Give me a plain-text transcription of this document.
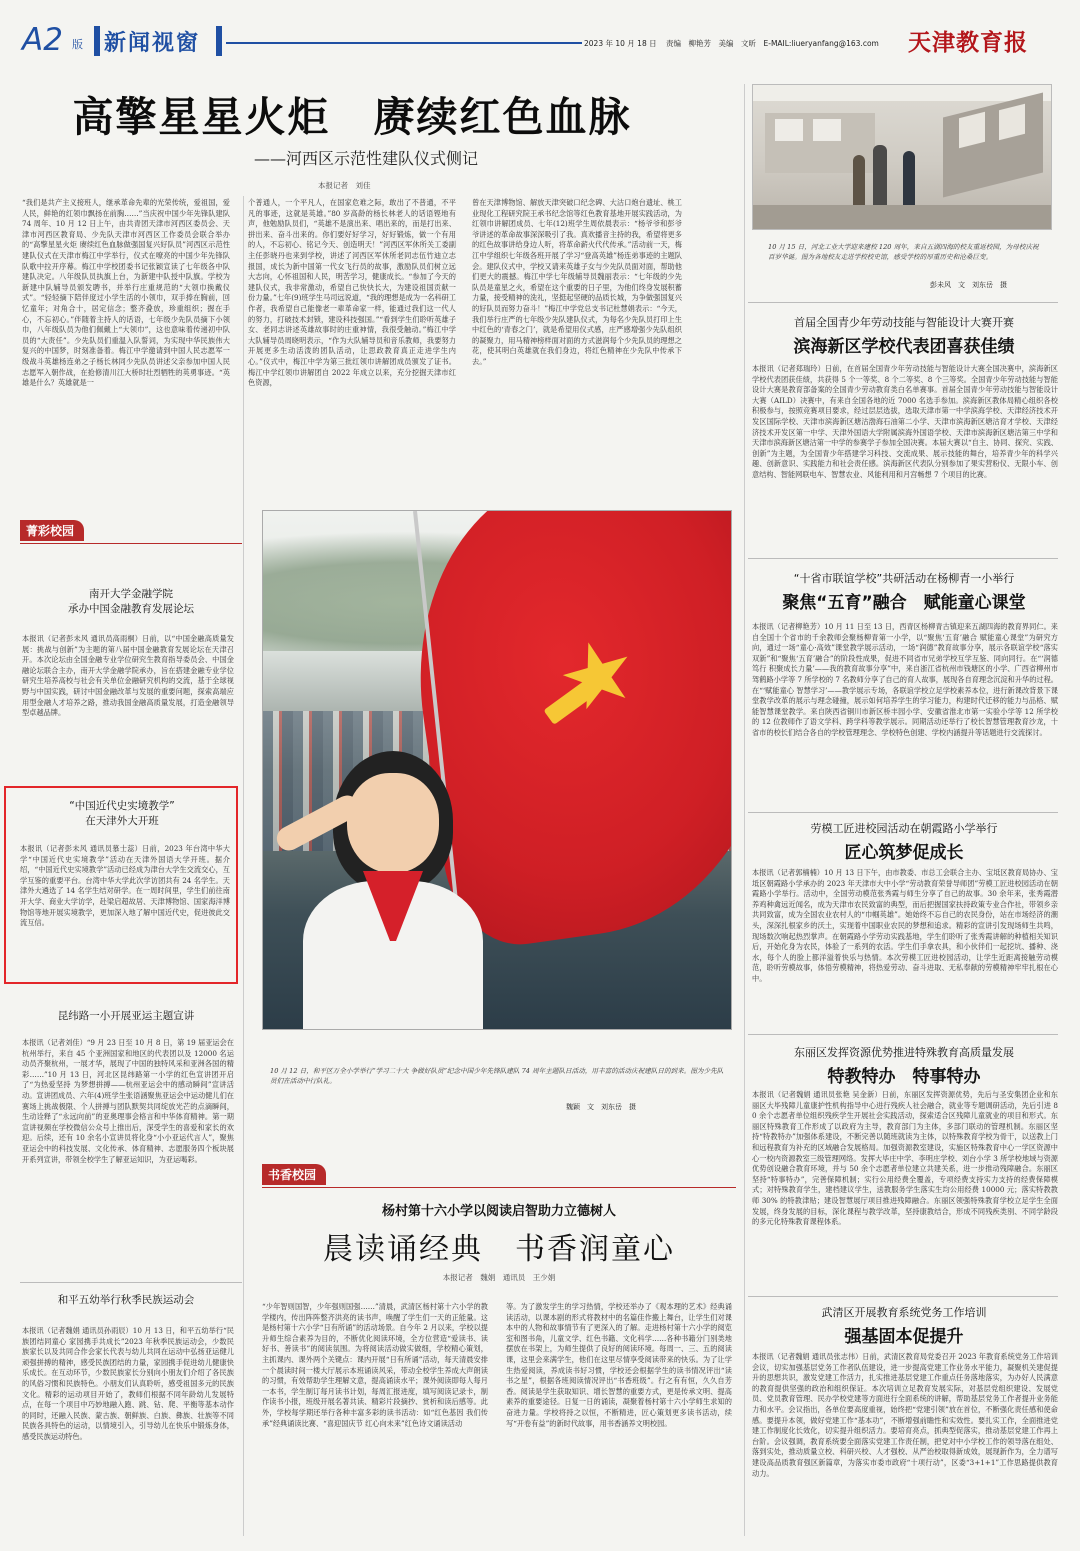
A2 版 新闻视窗	2023 年 10 月 18 日 责编　柳艳芳　美编　文昕　E-MAIL:liueryanfang@163.com 天津教育报
高擎星星火炬　赓续红色血脉
——河西区示范性建队仪式侧记
本报记者　刘佳
“我们是共产主义接班人，继承革命先辈的光荣传统，爱祖国，爱人民，鲜艳的红领巾飘扬在前胸……”当庆祝中国少年先锋队建队 74 周年、10 月 12 日上午，由共青团天津市河西区委员会、天津市河西区教育局、少先队天津市河西区工作委员会联合举办的“高擎星星火炬 赓续红色血脉做强国复兴好队员”河西区示范性建队仪式在天津市梅江中学举行，仪式在嘹亮的中国少年先锋队队歌中拉开序幕。梅江中学校团委书记张颖宣读了七年级各中队建队决定。八年级队员执旗上台，为新建中队授中队旗。学校为新建中队辅导员颁发聘书，并举行庄重规范的“大领巾换戴仪式”。“轻轻摘下陪伴度过小学生活的小领巾，双手捧在胸前，回忆童年；对角合十，居定信念；整齐叠放，珍重组织；握在手心，不忘初心。”伴随着主持人的话语，七年级少先队员摘下小领巾，八年级队员为他们佩戴上“大领巾”，这也意味着传递初中队员的“大责任”。少先队员们重温入队誓词，为实现中华民族伟大复兴的中国梦，时刻准备着。梅江中学邀请到中国人民志愿军一级战斗英雄杨连弟之子杨长林同少先队员讲述父亲参加中国人民志愿军入朝作战，在抢修清川江大桥时壮烈牺牲的英勇事迹。“英雄是什么？英雄就是一
个普通人，一个平凡人，在国家危难之际，敢出了不普通，不平凡的事迹，这就是英雄。”80 岁高龄的杨长林老人的话语铿地有声，他勉励队员们，“英雄不是演出来、唱出来的，而是打出来、拼出来、奋斗出来的。你们要好好学习，好好锻炼，做一个有用的人，不忘初心、铭记今天、创造明天！”河西区军休所关工委副主任彭晓丹也来到学校，讲述了河西区军休所老同志伍竹迪立志报国，成长为新中国第一代女飞行员的故事，激励队员们树立远大志向，心怀祖国和人民，明苦学习，健康成长。“参加了今天的建队仪式，我非常激动，希望自己快快长大，为建设祖国贡献一份力量。”七年(9)班学生马司远说道，“我的理想是成为一名科研工作者，我希望自己能像老一辈革命家一样，能通过我们这一代人的努力，打破技术封锁，建设科技强国。”“看到学生们聆听英雄子女、老同志讲述英雄故事时的庄重神情，我很受触动。”梅江中学大队辅导员周晓明表示，“作为大队辅导员和音乐教师，我要努力开展更多生动活泼的团队活动，让思政教育真正走进学生内心。”仪式中，梅江中学为第三批红领巾讲解团成员颁发了证书。梅江中学红领巾讲解团自 2022 年成立以来，充分挖掘天津市红色资源，
曾在天津博物馆、解放天津突破口纪念碑、大沽口炮台遗址、桃工业现化工程研究院王承书纪念馆等红色教育基地开展实践活动，为红领巾讲解团成员、七年(12)班学生周依晨表示：“杨爷爷和彭爷爷讲述的革命故事深深吸引了我。真欢播音主持的我，希望将更多的红色故事讲给身边人听，将革命薪火代代传承。”活动前一天，梅江中学组织七年级各班开展了学习“登高英雄”杨连弟事迹的主题队会。建队仪式中，学校又请来英雄子女与少先队员面对面，帮助他们更大的震撼。梅江中学七年级辅导员魏丽表示：“七年级的少先队员是童星之火，希望在这个重要的日子里，为他们终身发展积蓄力量，接受精神的洗礼，坚挺起坚硬的品质长城，为争做强国复兴的好队员而努力奋斗！”梅江中学党总支书记杜慧娟表示：“今天，我们举行庄严的七年级少先队建队仪式，为每名少先队员打印上生中红色的‘青春之门’，就是希望用仪式感，庄严感增强少先队组织的凝聚力，用马精神榜样面对面的方式滋润每个少先队员的理想之花，使其明白英雄就在我们身边，将红色精神在少先队中传承下去。”
10 月 15 日，河北工业大学迎来建校 120 周年，来自五湖四海的校友重返校园，为母校庆祝百岁华诞。图为各地校友走进学校校史馆，感受学校的厚重历史和沧桑巨变。
彭未风　文　刘东岳　摄
首届全国青少年劳动技能与智能设计大赛开赛
滨海新区学校代表团喜获佳绩
本报讯（记者郑瑞玲）日前，在首届全国青少年劳动技能与智能设计大赛全国决赛中，滨海新区学校代表团获佳绩，共获得 5 个一等奖、8 个二等奖、8 个三等奖。全国青少年劳动技能与智能设计大赛是教育部备案的全国青少劳动教育类白名单赛事。首届全国青少年劳动技能与智能设计大赛（AILD）决赛中，有来自全国各地的近 7000 名选手参加。滨海新区教体局精心组织各校积极参与，按照竞赛项目要求，经过层层选拔，选取天津市第一中学滨海学校、天津经济技术开发区国际学校、天津市滨海新区塘沽渤海石油第二小学、天津市滨海新区塘沽育才学校、天津经济技术开发区第一中学、天津外国语大学附属滨海外国语学校、天津市滨海新区塘沽第三中学和天津市滨海新区塘沽第一中学的参赛学子参加全国决赛。本届大赛以“自主、协同、探究、实践、创新”为主题，为全国青少年搭建学习科技、交流成果、展示技能的舞台，培养青少年的科学兴趣、创新意识、实践能力和社会责任感。滨海新区代表队分别参加了果实营粉仪、无限小车、创意结构、智能网联电车、智慧农业、风能利用和月宫畅想 7 个项目的比赛。
“十省市联谊学校”共研活动在杨柳青一小举行
聚焦“五育”融合　赋能童心课堂
本报讯（记者柳艳芳）10 月 11 日至 13 日，西青区杨柳青古镇迎来五湖四海的教育界同仁。来自全国十个省市的千余教师会聚杨柳青第一小学，以“聚焦‘五育’融合 赋能童心课堂”为研究方向，通过一场“童心·高效”课堂教学展示活动，一场“润德”教育故事分享，展示各联谊学校“落实双新”和“聚焦‘五育’融合”的阶段性成果，促进不同省市兄弟学校互学互鉴、同向同行。在“‘润德笃行 积聚成长力量’——我的教育故事分享”中，来自浙江省杭州市钱塘区的小学、广西省柳州市驾鹤路小学等 7 所学校的 7 名教师分享了自己的育人故事，展现各自育理念沉淀和升华的过程。在“‘赋能童心 智慧学习’——教学展示专场，各联谊学校立足学校素养本位，进行新课改背景下课堂教学改革的展示与理念碰撞，展示如何培养学生的学习能力，构建时代迁移的能力与品格、赋能智慧课堂教学。来自陕西省铜川市新区桥丰园小学、安徽省淮北市第一实验小学等 12 所学校的 12 位教师作了语文学科、跨学科等教学展示。同期活动还举行了校长智慧管理教育沙龙，十省市的校长们结合各自的学校管理理念、学校特色创建、学校内涵提升等话题进行交流探讨。
劳模工匠进校园活动在朝霞路小学举行
匠心筑梦促成长
本报讯（记者郭楠楠）10 月 13 日下午，由市教委、市总工会联合主办、宝坻区教育局协办、宝坻区朝霞路小学承办的 2023 年天津市大中小学“劳动教育荣誉导师团”劳模工匠进校园活动在朝霞路小学举行。活动中，全国劳动模范张秀霞与师生分享了自己的故事。30 余年来，张秀霞潜养鸡种禽远近闻名，成为天津市农民致富的典型，而后把握国家扶持政策专业合作社，带领乡亲共同致富，成为全国农业农村人的“巾帼英雄”。她始终不忘自己的农民身份，站在市场经济的潮头，深深扎根家乡的沃土，实现着中国职业农民的梦想和追求。精彩的宣讲引发现场师生共鸣，现场数次响起热烈掌声。在朝霞路小学劳动实践基地，学生们聆听了张秀霞讲解的种植相关知识后，开始化身为农民，体验了一系列的农活。学生们手拿农具，和小伙伴们一起挖坑、播种、浇水，每个人的脸上都洋溢着快乐与热情。本次劳模工匠进校园活动，让学生近距离接触劳动模范，聆听劳模故事，体悟劳模精神，将热爱劳动、奋斗进取、无私奉献的劳模精神牢牢扎根在心中。
东丽区发挥资源优势推进特殊教育高质量发展
特教特办　特事特办
本报讯（记者魏娟 通讯员张艳 吴金新）日前，东丽区发挥资源优势，先后与圣安集团企业和东丽区大毕残障儿童康护性机构指导中心进行残疾人社会融合，就业等专题调研活动，先后引进 80 余个志愿者单位组织残疾学生开展社会实践活动，探索适合区残障儿童就业的项目和形式。东丽区特殊教育工作形成了以政府为主导，教育部门为主体，多部门联动的管理机制。东丽区坚持“特教特办”加强体系建设，不断完善以随班就读为主体，以特殊教育学校为骨干，以送教上门和远程教育为补充的区域融合发展格局。加强资源教室建设，实施区特殊教育中心一学区资源中心一校内资源教室三级管理网络。发挥大毕庄中学、李明庄学校、刘台小学 3 所学校地域与资源优势创设融合教育环境，并与 50 余个志愿者单位建立共建关系，进一步推动残障融合。东丽区坚持“特事特办”，完善保障机制；实行公用经费全覆盖，专项经费支持实力支持的经费保障模式；对特殊教育学生，建档建议学生，送教服务学生落实生均公用经费 10000 元；落实特教教师 30% 的特教津贴；建设智慧展厅项目推进残障融合。东丽区领强特殊教育学校立足学生全面发展，终身发展的目标，深化课程与教学改革，坚持康教结合，形成不同残疾类别、不同学龄段的多元化特殊教育课程体系。
武清区开展教育系统党务工作培训
强基固本促提升
本报讯（记者魏娟 通讯员张志伟）日前，武清区教育局党委召开 2023 年教育系统党务工作培训会议，切实加强基层党务工作者队伍建设，进一步提高党建工作业务水平能力，凝聚机关建促提升的思想共识，激发党建工作活力，扎实推进基层党建工作重点任务落地落实，为办好人民满意的教育提供坚强的政治和组织保证。本次培训立足教育发展实际，对基层党组织建设、发展党员、党员教育管理、民办学校党建等方面进行全面系统的讲解，帮助基层党务工作者提升业务能力和水平。会议指出，各单位要高度重视，始终把“党建引领”放在首位，不断强化责任感和使命感。要提升本领，做好党建工作“基本功”，不断增强前瞻性和实效性。要扎实工作，全面推进党建工作制度化长效化，切实提升组织活力。要培育亮点，抓典型促落实，推动基层党建工作再上台阶。会议强调，教育系统要全面落实党建工作责任制，把党对中小学校工作的领导落在组处、落到实处，推动质量立校、科研兴校、人才强校、从严治校取得新成效，展现新作为，全力谱写建设高品质教育强区新篇章，为落实市委市政府“十项行动”，区委“3+1+1”工作思路提供教育动力。
菁彩校园
南开大学金融学院
承办中国金融教育发展论坛
本报讯（记者彭未风 通讯员高雨桐）日前，以“中国金融高质量发展：挑战与创新”为主题的第八届中国金融教育发展论坛在天津召开。本次论坛由全国金融专业学位研究生教育指导委员会、中国金融论坛联合主办，南开大学金融学院承办，旨在搭建金融专业学位研究生培养高校与社会有关单位金融研究机构的交流，基于全球视野与中国实践，研讨中国金融改革与发展的重要问题，探索高端应用型金融人才培养之路，推动我国金融高质量发展，打造金融领导型卓越品牌。
“中国近代史实境教学”
在天津外大开班
本报讯（记者彭未风 通讯员慕士蕊）日前，2023 年台湾中华大学“中国近代史实境教学”活动在天津外国语大学开班。据介绍，“中国近代史实境教学”活动已经成为津台大学生交流交心，互学互鉴的重要平台。台湾中华大学此次学访团共有 24 名学生。天津外大遴选了 14 名学生结对研学。在一周时间里，学生们前往南开大学、商业大学访学，赴梁启超故居、天津博物馆、国家海洋博物馆等地开展实境教学，更加深入地了解中国近代史，促进彼此交流互信。
昆纬路一小开展亚运主题宣讲
本报讯（记者刘佳）“9 月 23 日至 10 月 8 日，第 19 届亚运会在杭州举行，来自 45 个亚洲国家和地区的代表团以及 12000 名运动员齐聚杭州，一展才华，展现了中国的独特风采和亚洲各国的精彩……”10 月 13 日，河北区昆纬路第一小学的红色宣讲团开启了“为热爱坚持 为梦想拼搏——杭州亚运会中的感动瞬间”宣讲活动。宣讲团成员、六年(4)班学生张语涵聚焦亚运会中运动健儿们在赛场上挑战极限、个人拼搏与团队默契共同绽放光芒的点滴瞬间，生动诠释了“永远向前”的亚奥理事会格言和中华体育精神。第一期宣讲视频在学校微信公众号上推出后，深受学生的喜爱和家长的欢迎。后续，还有 10 余名小宣讲员将化身“小小亚运代言人”，聚焦亚运会中的科技发展、文化传承、体育精神、志愿服务四个板块展开系列宣讲，带领全校学生了解亚运知识，为亚运喝彩。
和平五幼举行秋季民族运动会
本报讯（记者魏娟 通讯员孙雨辰）10 月 13 日，和平五幼举行“民族团结同童心 家园携手共成长”2023 年秋季民族运动会，少数民族家长以及共同合作会家长代表与幼儿共同在运动中弘扬亚运健儿顽强拼搏的精神，感受民族团结的力量，家园携手促进幼儿健康快乐成长。在互动环节，少数民族家长分别向小朋友们介绍了各民族的风俗习惯和民族特色。小朋友们认真聆听，感受祖国多元的民族文化。精彩的运动项目开始了，教师们根据不同年龄幼儿发展特点，在每一个项目中巧妙地融入跑、跳、钻、爬、平衡等基本动作的同时，还融入民族、蒙古族、朝鲜族、白族、彝族、壮族等不同民族各具特色的运动，以情境引入，引导幼儿在快乐中锻炼身体，感受民族运动特色。
10 月 12 日，和平区万全小学举行“学习二十大 争做好队员”纪念中国少年先锋队建队 74 周年主题队日活动，用丰富的活动庆祝建队日的到来。图为少先队员们在活动中行队礼。
魏颖　文　刘东岳　摄
书香校园
杨村第十六小学以阅读启智助力立德树人
晨读诵经典　书香润童心
本报记者　魏娟　通讯员　王少娟
“少年智则国智，少年强则国强……”清晨，武清区杨村第十六小学的教学楼内，传出阵阵整齐洪亮的读书声，唤醒了学生们一天的正能量。这是杨村第十六小学“日有所诵”的活动场景。自今年 2 月以来，学校以提升师生综合素养为目的，不断优化阅读环境，全方位营造“爱读书、读好书、善读书”的阅读氛围。为将阅读活动做实做细，学校精心策划，主抓课内、课外两个关键点：课内开展“日有所诵”活动，每天清晨安排一个晨读时间一楼大厅展示本班诵读风采，带动全校学生养成大声朗读的习惯，有效帮助学生理解文意，提高诵读水平；课外阅读即每人每月一本书，学生制订每月读书计划，每周汇报进度，填写阅读记录卡，制作读书小报，班级开展名著共读、精彩片段摘抄、赏析和读后感等。此外，学校每学期还举行各种丰富多彩的读书活动：如“红色基因 我们传承”经典诵读比赛、“喜迎国庆节 红心向未来”红色诗文诵读活动
等。为了激发学生的学习热情，学校还举办了《观本理的艺术》经典诵读活动，以课本剧的形式将教材中的名篇佳作搬上舞台，让学生们对课本中的人物和故事情节有了更深入的了解。走进杨村第十六小学的阅览室和图书角，儿童文学、红色书籍、文化科学……各种书籍分门别类地摆放在书架上，为师生提供了良好的阅读环境。每周一、三、五的阅读课，这里会来满学生，他们在这里尽情享受阅读带来的快乐。为了让学生热爱阅读，养成读书好习惯，学校还会根据学生的读书情况评出“读书之星”，根据各班阅读情况评出“书香班级”。行之有有恒，久久自芳香。阅读是学生获取知识、增长智慧的重要方式，更是传承文明、提高素养的重要途径。日复一日的诵读，凝聚着杨村第十六小学师生求知的奋进力量。学校将持之以恒，不断精进，匠心策划更多读书活动，续写“开卷有益”的新时代故事，用书香涵养文明校园。
